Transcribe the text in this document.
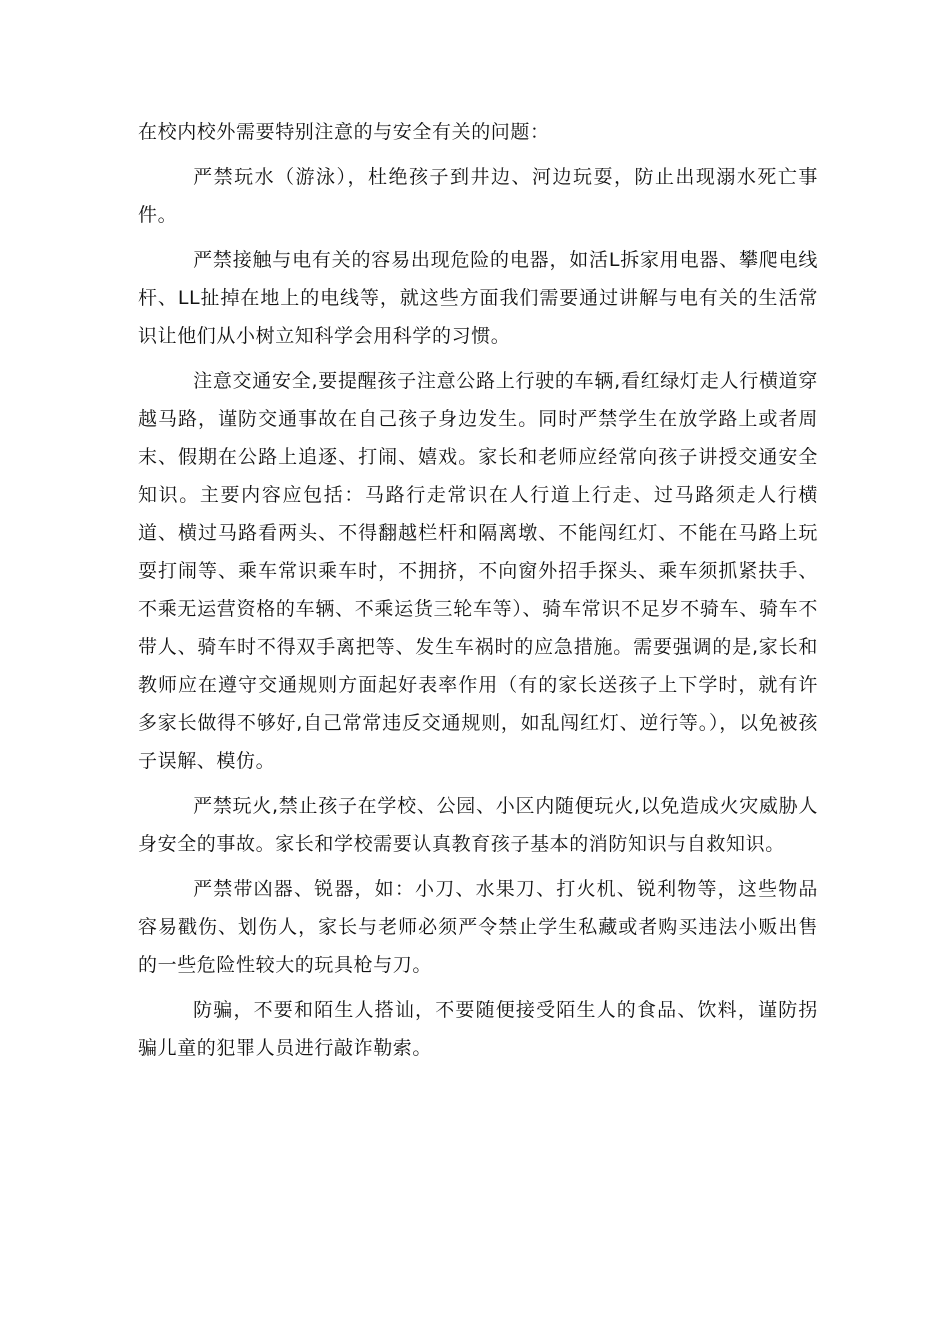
在校内校外需要特别注意的与安全有关的问题：

严禁玩水（游泳），杜绝孩子到井边、河边玩耍，防止出现溺水死亡事件。

严禁接触与电有关的容易出现危险的电器，如活L拆家用电器、攀爬电线杆、LL扯掉在地上的电线等，就这些方面我们需要通过讲解与电有关的生活常识让他们从小树立知科学会用科学的习惯。

注意交通安全,要提醒孩子注意公路上行驶的车辆,看红绿灯走人行横道穿越马路，谨防交通事故在自己孩子身边发生。同时严禁学生在放学路上或者周末、假期在公路上追逐、打闹、嬉戏。家长和老师应经常向孩子讲授交通安全知识。主要内容应包括：马路行走常识在人行道上行走、过马路须走人行横道、横过马路看两头、不得翻越栏杆和隔离墩、不能闯红灯、不能在马路上玩耍打闹等、乘车常识乘车时，不拥挤，不向窗外招手探头、乘车须抓紧扶手、不乘无运营资格的车辆、不乘运货三轮车等）、骑车常识不足岁不骑车、骑车不带人、骑车时不得双手离把等、发生车祸时的应急措施。需要强调的是,家长和教师应在遵守交通规则方面起好表率作用（有的家长送孩子上下学时，就有许多家长做得不够好,自己常常违反交通规则，如乱闯红灯、逆行等。），以免被孩子误解、模仿。

严禁玩火,禁止孩子在学校、公园、小区内随便玩火,以免造成火灾威胁人身安全的事故。家长和学校需要认真教育孩子基本的消防知识与自救知识。

严禁带凶器、锐器，如：小刀、水果刀、打火机、锐利物等，这些物品容易戳伤、划伤人，家长与老师必须严令禁止学生私藏或者购买违法小贩出售的一些危险性较大的玩具枪与刀。

防骗，不要和陌生人搭讪，不要随便接受陌生人的食品、饮料，谨防拐骗儿童的犯罪人员进行敲诈勒索。
